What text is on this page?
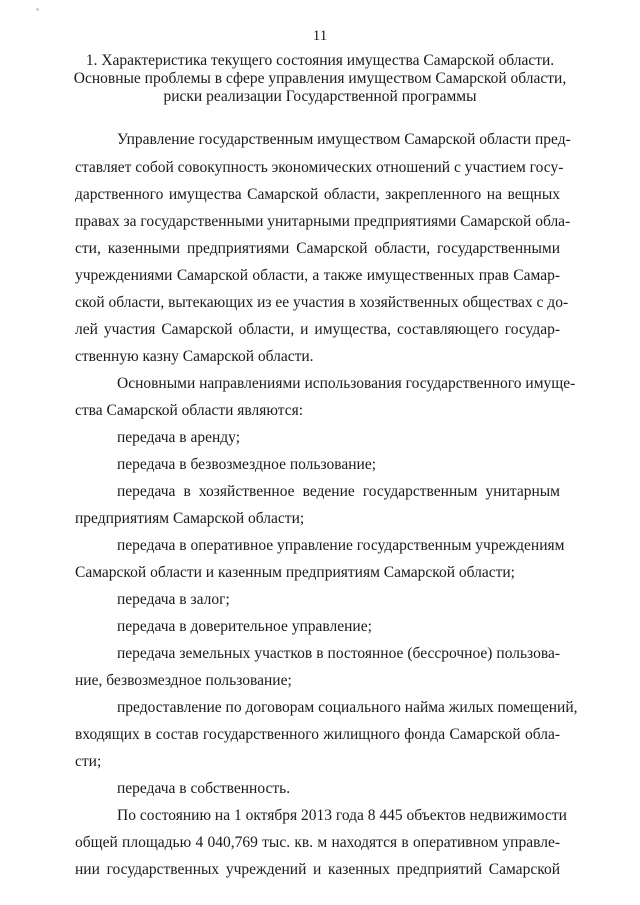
11
1. Характеристика текущего состояния имущества Самарской области.
Основные проблемы в сфере управления имуществом Самарской области,
риски реализации Государственной программы
Управление государственным имуществом Самарской области пред-
ставляет собой совокупность экономических отношений с участием госу-
дарственного имущества Самарской области, закрепленного на вещных
правах за государственными унитарными предприятиями Самарской обла-
сти, казенными предприятиями Самарской области, государственными
учреждениями Самарской области, а также имущественных прав Самар-
ской области, вытекающих из ее участия в хозяйственных обществах с до-
лей участия Самарской области, и имущества, составляющего государ-
ственную казну Самарской области.
Основными направлениями использования государственного имуще-
ства Самарской области являются:
передача в аренду;
передача в безвозмездное пользование;
передача в хозяйственное ведение государственным унитарным
предприятиям Самарской области;
передача в оперативное управление государственным учреждениям
Самарской области и казенным предприятиям Самарской области;
передача в залог;
передача в доверительное управление;
передача земельных участков в постоянное (бессрочное) пользова-
ние, безвозмездное пользование;
предоставление по договорам социального найма жилых помещений,
входящих в состав государственного жилищного фонда Самарской обла-
сти;
передача в собственность.
По состоянию на 1 октября 2013 года 8 445 объектов недвижимости
общей площадью 4 040,769 тыс. кв. м находятся в оперативном управле-
нии государственных учреждений и казенных предприятий Самарской
